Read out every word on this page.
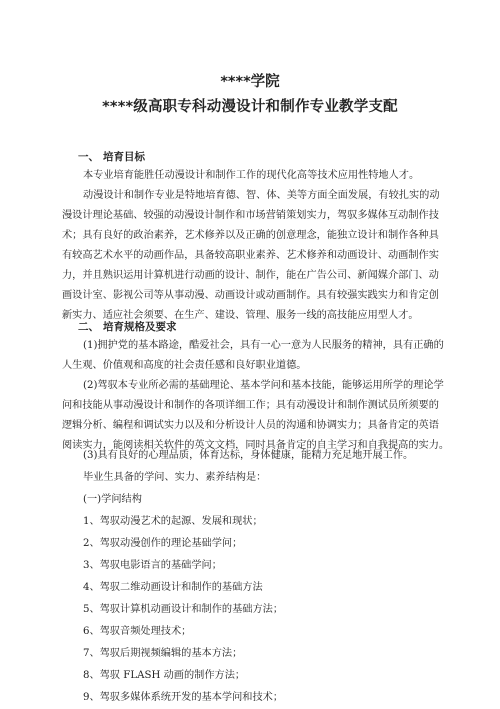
****学院
****级高职专科动漫设计和制作专业教学支配
一、 培育目标
本专业培育能胜任动漫设计和制作工作的现代化高等技术应用性特地人才。
动漫设计和制作专业是特地培育德、智、体、美等方面全面发展，有较扎实的动
漫设计理论基础、较强的动漫设计制作和市场营销策划实力，驾驭多媒体互动制作技
术；具有良好的政治素养，艺术修养以及正确的创意理念，能独立设计和制作各种具
有较高艺术水平的动画作品，具备较高职业素养、艺术修养和动画设计、动画制作实
力，并且熟识运用计算机进行动画的设计、制作，能在广告公司、新闻媒介部门、动
画设计室、影视公司等从事动漫、动画设计或动画制作。具有较强实践实力和肯定创
新实力、适应社会须要、在生产、建设、管理、服务一线的高技能应用型人才。
二、 培育规格及要求
(1)拥护党的基本路途，酷爱社会，具有一心一意为人民服务的精神，具有正确的
人生观、价值观和高度的社会责任感和良好职业道德。
(2)驾驭本专业所必需的基础理论、基本学问和基本技能，能够运用所学的理论学
问和技能从事动漫设计和制作的各项详细工作；具有动漫设计和制作测试员所须要的
逻辑分析、编程和调试实力以及和分析设计人员的沟通和协调实力；具备肯定的英语
阅读实力，能阅读相关软件的英文文档，同时具备肯定的自主学习和自我提高的实力。
(3)具有良好的心理品质，体育达标，身体健康，能精力充足地开展工作。
毕业生具备的学问、实力、素养结构是：
(一)学问结构
1、驾驭动漫艺术的起源、发展和现状；
2、驾驭动漫创作的理论基础学问；
3、驾驭电影语言的基础学问；
4、驾驭二维动画设计和制作的基础方法
5、驾驭计算机动画设计和制作的基础方法；
6、驾驭音频处理技术；
7、驾驭后期视频编辑的基本方法；
8、驾驭 FLASH 动画的制作方法；
9、驾驭多媒体系统开发的基本学问和技术；
